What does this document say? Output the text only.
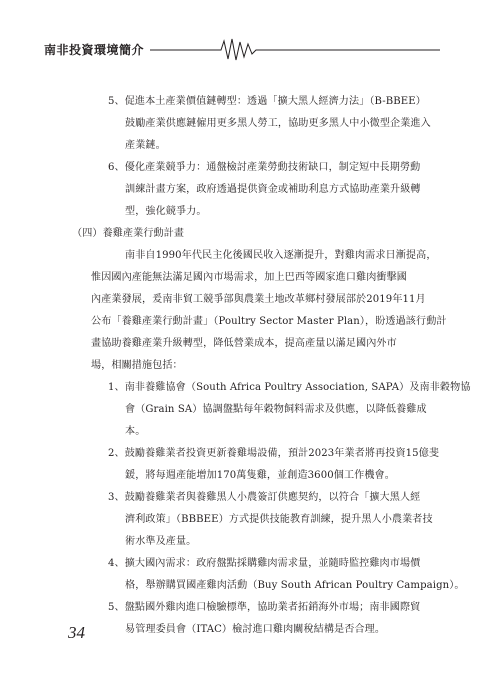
南非投資環境簡介
5、促進本土產業價值鏈轉型：透過「擴大黑人經濟力法」（B-BBEE）
鼓勵產業供應鏈僱用更多黑人勞工，協助更多黑人中小微型企業進入
產業鏈。
6、優化產業競爭力：通盤檢討產業勞動技術缺口，制定短中長期勞動
訓練計畫方案，政府透過提供資金或補助利息方式協助產業升級轉
型，強化競爭力。
（四）養雞產業行動計畫
南非自1990年代民主化後國民收入逐漸提升，對雞肉需求日漸提高，
惟因國內產能無法滿足國內市場需求，加上巴西等國家進口雞肉衝擊國
內產業發展，爰南非貿工競爭部與農業土地改革鄉村發展部於2019年11月
公布「養雞產業行動計畫」（Poultry Sector Master Plan），盼透過該行動計
畫協助養雞產業升級轉型，降低營業成本，提高產量以滿足國內外市
場，相關措施包括：
1、南非養雞協會（South Africa Poultry Association, SAPA）及南非穀物協
會（Grain SA）協調盤點每年穀物飼料需求及供應，以降低養雞成
本。
2、鼓勵養雞業者投資更新養雞場設備，預計2023年業者將再投資15億斐
鍰，將每週產能增加170萬隻雞，並創造3600個工作機會。
3、鼓勵養雞業者與養雞黑人小農簽訂供應契約，以符合「擴大黑人經
濟利政策」（BBBEE）方式提供技能教育訓練，提升黑人小農業者技
術水準及產量。
4、擴大國內需求：政府盤點採購雞肉需求量，並隨時監控雞肉市場價
格，舉辦購買國產雞肉活動（Buy South African Poultry Campaign）。
5、盤點國外雞肉進口檢驗標準，協助業者拓銷海外市場；南非國際貿
易管理委員會（ITAC）檢討進口雞肉關稅結構是否合理。
34
